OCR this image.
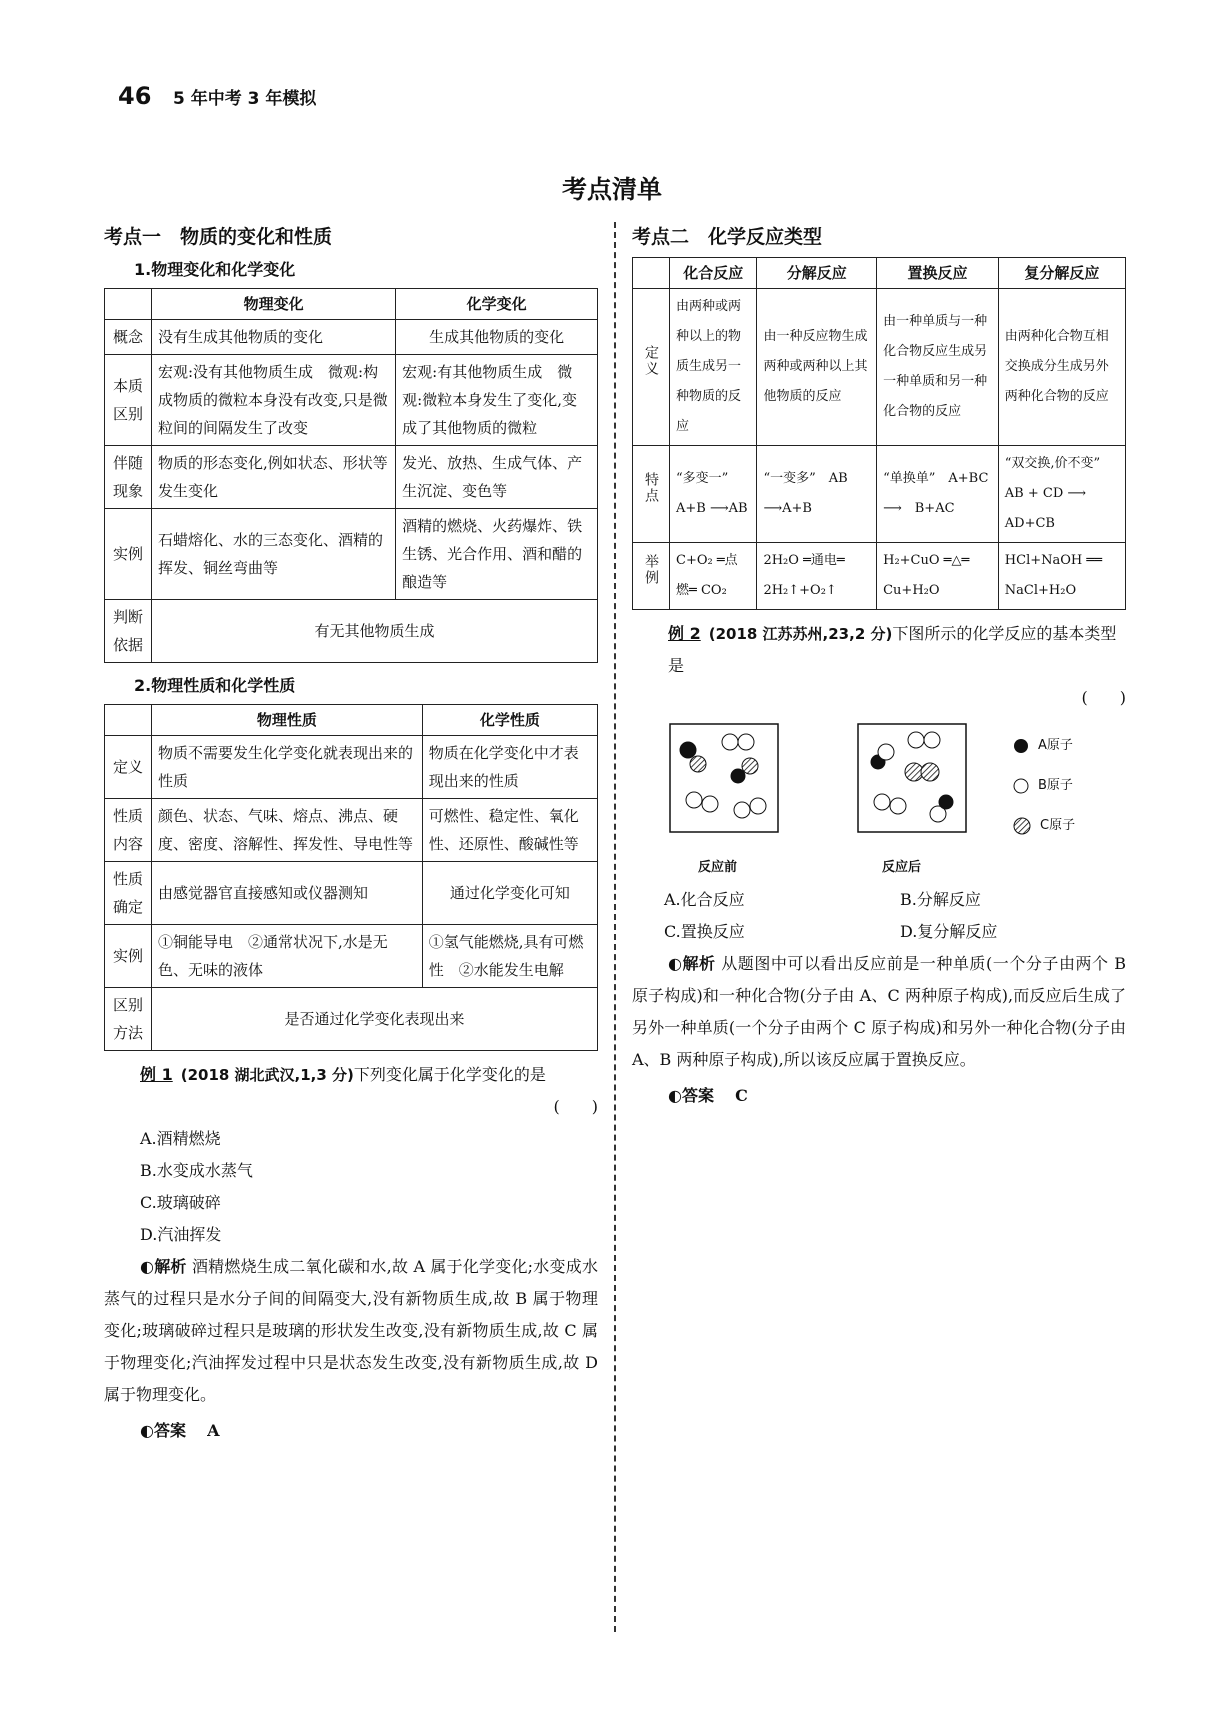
46 5 年中考 3 年模拟
考点清单
考点一　物质的变化和性质
1.物理变化和化学变化
	物理变化	化学变化
概念	没有生成其他物质的变化	生成其他物质的变化
本质区别	宏观:没有其他物质生成　微观:构成物质的微粒本身没有改变,只是微粒间的间隔发生了改变	宏观:有其他物质生成　微观:微粒本身发生了变化,变成了其他物质的微粒
伴随现象	物质的形态变化,例如状态、形状等发生变化	发光、放热、生成气体、产生沉淀、变色等
实例	石蜡熔化、水的三态变化、酒精的挥发、铜丝弯曲等	酒精的燃烧、火药爆炸、铁生锈、光合作用、酒和醋的酿造等
判断依据	有无其他物质生成	
2.物理性质和化学性质
	物理性质	化学性质
定义	物质不需要发生化学变化就表现出来的性质	物质在化学变化中才表现出来的性质
性质内容	颜色、状态、气味、熔点、沸点、硬度、密度、溶解性、挥发性、导电性等	可燃性、稳定性、氧化性、还原性、酸碱性等
性质确定	由感觉器官直接感知或仪器测知	通过化学变化可知
实例	①铜能导电　②通常状况下,水是无色、无味的液体	①氢气能燃烧,具有可燃性　②水能发生电解
区别方法	是否通过化学变化表现出来	
例 1 (2018 湖北武汉,1,3 分)下列变化属于化学变化的是
(　　)
A.酒精燃烧
B.水变成水蒸气
C.玻璃破碎
D.汽油挥发
◐解析 酒精燃烧生成二氧化碳和水,故 A 属于化学变化;水变成水蒸气的过程只是水分子间的间隔变大,没有新物质生成,故 B 属于物理变化;玻璃破碎过程只是玻璃的形状发生改变,没有新物质生成,故 C 属于物理变化;汽油挥发过程中只是状态发生改变,没有新物质生成,故 D 属于物理变化。
◐答案 A
考点二　化学反应类型
	化合反应	分解反应	置换反应	复分解反应
定义	由两种或两种以上的物质生成另一种物质的反应	由一种反应物生成两种或两种以上其他物质的反应	由一种单质与一种化合物反应生成另一种单质和另一种化合物的反应	由两种化合物互相交换成分生成另外两种化合物的反应
特点	“多变一”　A+B ⟶AB	“一变多”　AB ⟶A+B	“单换单”　A+BC ⟶　B+AC	“双交换,价不变”　AB + CD ⟶　AD+CB
举例	C+O₂ ═点燃═ CO₂	2H₂O ═通电═ 2H₂↑+O₂↑	H₂+CuO ═△═ Cu+H₂O	HCl+NaOH ══ NaCl+H₂O
例 2 (2018 江苏苏州,23,2 分)下图所示的化学反应的基本类型是
(　　)
反应前	反应后
A原子
B原子
C原子
A.化合反应	B.分解反应
C.置换反应	D.复分解反应
◐解析 从题图中可以看出反应前是一种单质(一个分子由两个 B 原子构成)和一种化合物(分子由 A、C 两种原子构成),而反应后生成了另外一种单质(一个分子由两个 C 原子构成)和另外一种化合物(分子由 A、B 两种原子构成),所以该反应属于置换反应。
◐答案 C
